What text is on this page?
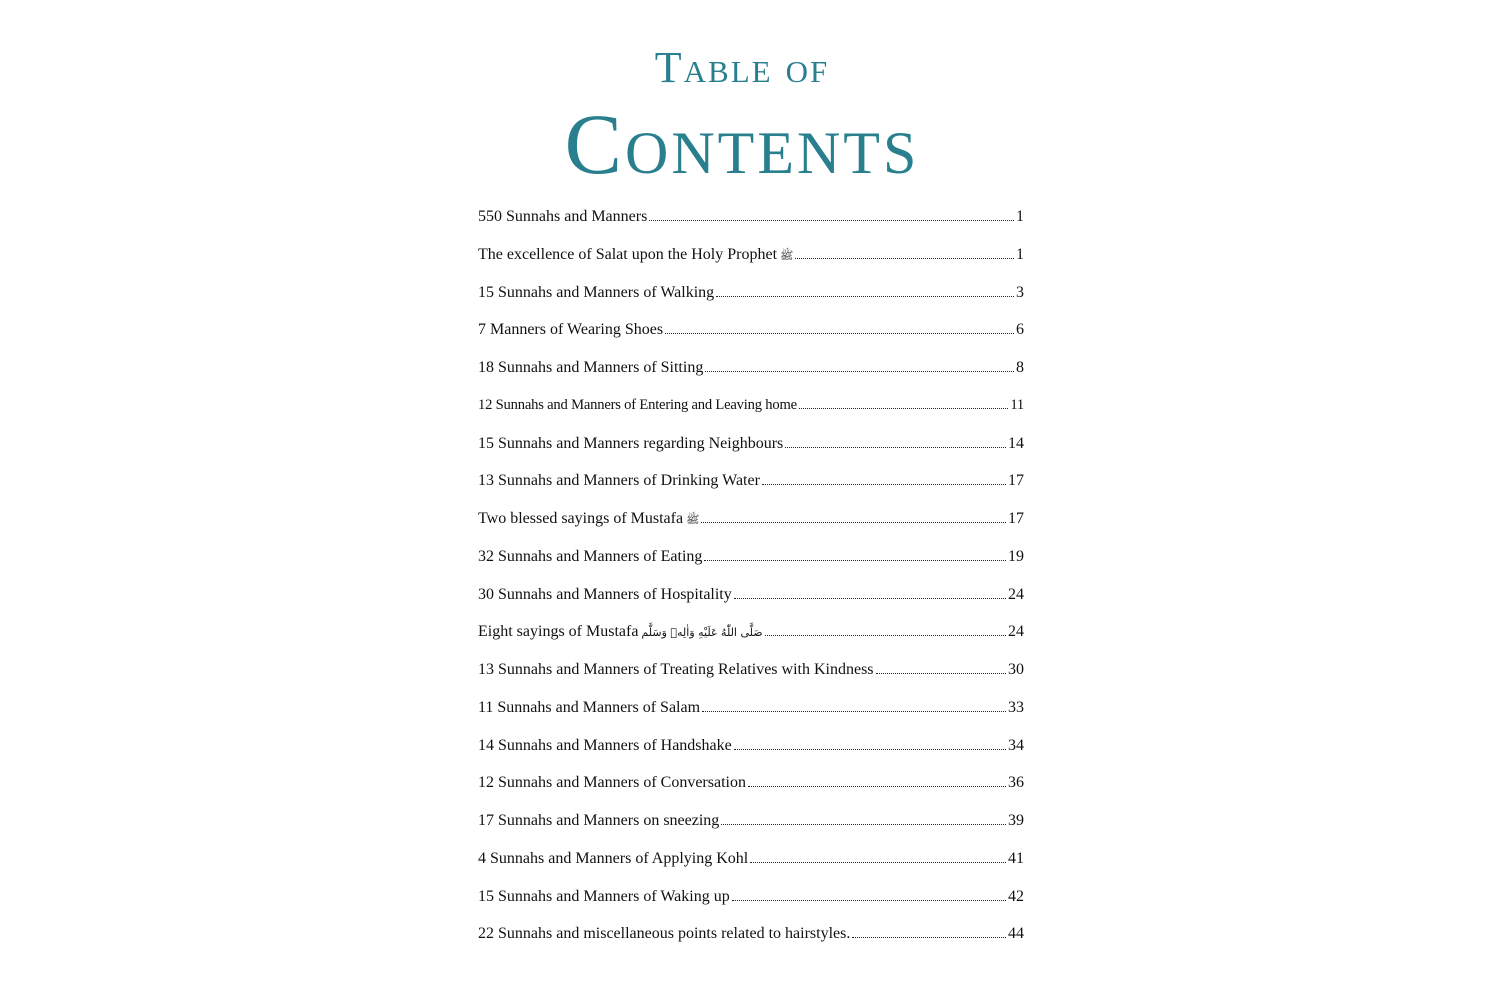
Table of
Contents
550 Sunnahs and Manners	1
The excellence of Salat upon the Holy Prophet ﷺ	1
15 Sunnahs and Manners of Walking	3
7 Manners of Wearing Shoes	6
18 Sunnahs and Manners of Sitting	8
12 Sunnahs and Manners of Entering and Leaving home	11
15 Sunnahs and Manners regarding Neighbours	14
13 Sunnahs and Manners of Drinking Water	17
Two blessed sayings of Mustafa ﷺ	17
32 Sunnahs and Manners of Eating	19
30 Sunnahs and Manners of Hospitality	24
Eight sayings of Mustafa صَلَّى اللّٰهُ عَلَيْهِ وَاٰلِهٖ وَسَلَّم	24
13 Sunnahs and Manners of Treating Relatives with Kindness	30
11 Sunnahs and Manners of Salam	33
14 Sunnahs and Manners of Handshake	34
12 Sunnahs and Manners of Conversation	36
17 Sunnahs and Manners on sneezing	39
4 Sunnahs and Manners of Applying Kohl	41
15 Sunnahs and Manners of Waking up	42
22 Sunnahs and miscellaneous points related to hairstyles.	44
